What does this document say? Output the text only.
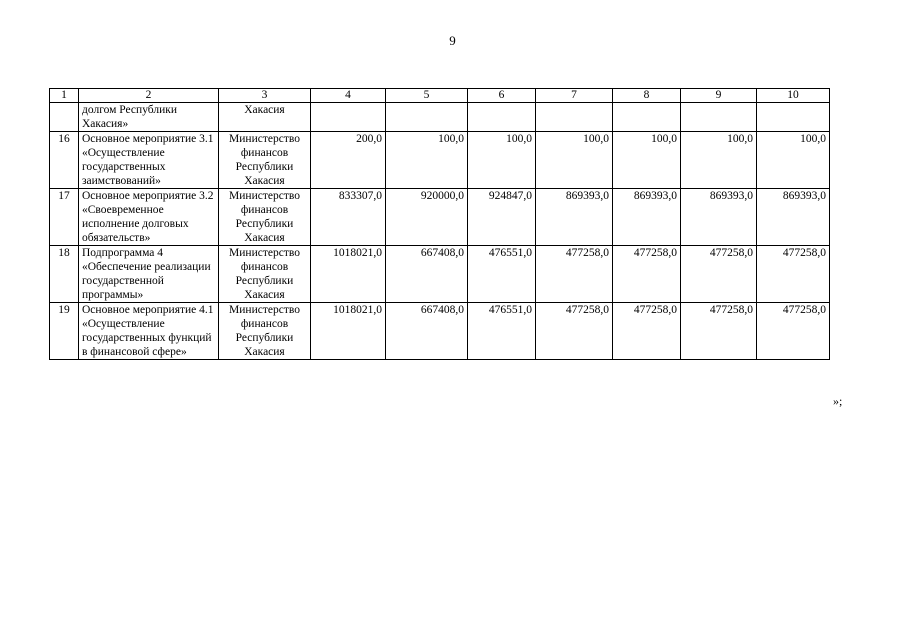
9
1	2	3	4	5	6	7	8	9	10
	долгом Республики Хакасия»	Хакасия							
16	Основное мероприятие 3.1 «Осуществление государственных заимствований»	Министерство финансов Республики Хакасия	200,0	100,0	100,0	100,0	100,0	100,0	100,0
17	Основное мероприятие 3.2 «Своевременное исполнение долговых обязательств»	Министерство финансов Республики Хакасия	833307,0	920000,0	924847,0	869393,0	869393,0	869393,0	869393,0
18	Подпрограмма 4 «Обеспечение реализации государственной программы»	Министерство финансов Республики Хакасия	1018021,0	667408,0	476551,0	477258,0	477258,0	477258,0	477258,0
19	Основное мероприятие 4.1 «Осуществление государственных функций в финансовой сфере»	Министерство финансов Республики Хакасия	1018021,0	667408,0	476551,0	477258,0	477258,0	477258,0	477258,0
»;
